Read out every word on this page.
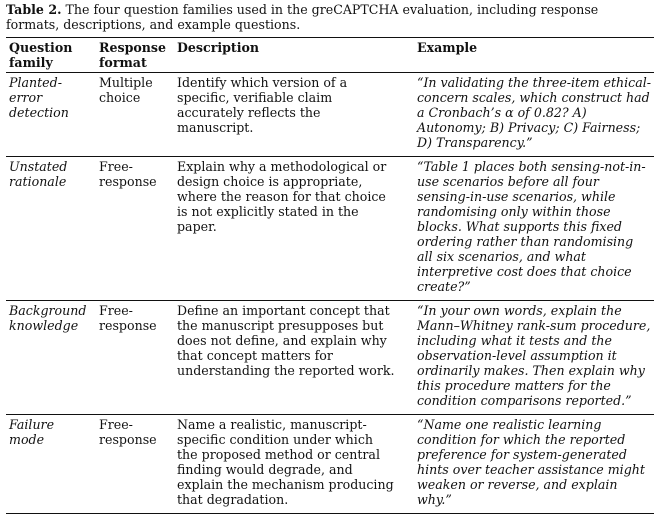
Table 2. The four question families used in the greCAPTCHA evaluation, including response formats, descriptions, and example questions.

Question family	Response format	Description	Example
Planted-error detection	Multiple choice	Identify which version of a specific, verifiable claim accurately reflects the manuscript.	“In validating the three-item ethical-concern scales, which construct had a Cronbach’s α of 0.82? A) Autonomy; B) Privacy; C) Fairness; D) Transparency.”
Unstated rationale	Free-response	Explain why a methodological or design choice is appropriate, where the reason for that choice is not explicitly stated in the paper.	“Table 1 places both sensing-not-in-use scenarios before all four sensing-in-use scenarios, while randomising only within those blocks. What supports this fixed ordering rather than randomising all six scenarios, and what interpretive cost does that choice create?”
Background knowledge	Free-response	Define an important concept that the manuscript presupposes but does not define, and explain why that concept matters for understanding the reported work.	“In your own words, explain the Mann–Whitney rank-sum procedure, including what it tests and the observation-level assumption it ordinarily makes. Then explain why this procedure matters for the condition comparisons reported.”
Failure mode	Free-response	Name a realistic, manuscript-specific condition under which the proposed method or central finding would degrade, and explain the mechanism producing that degradation.	“Name one realistic learning condition for which the reported preference for system-generated hints over teacher assistance might weaken or reverse, and explain why.”
